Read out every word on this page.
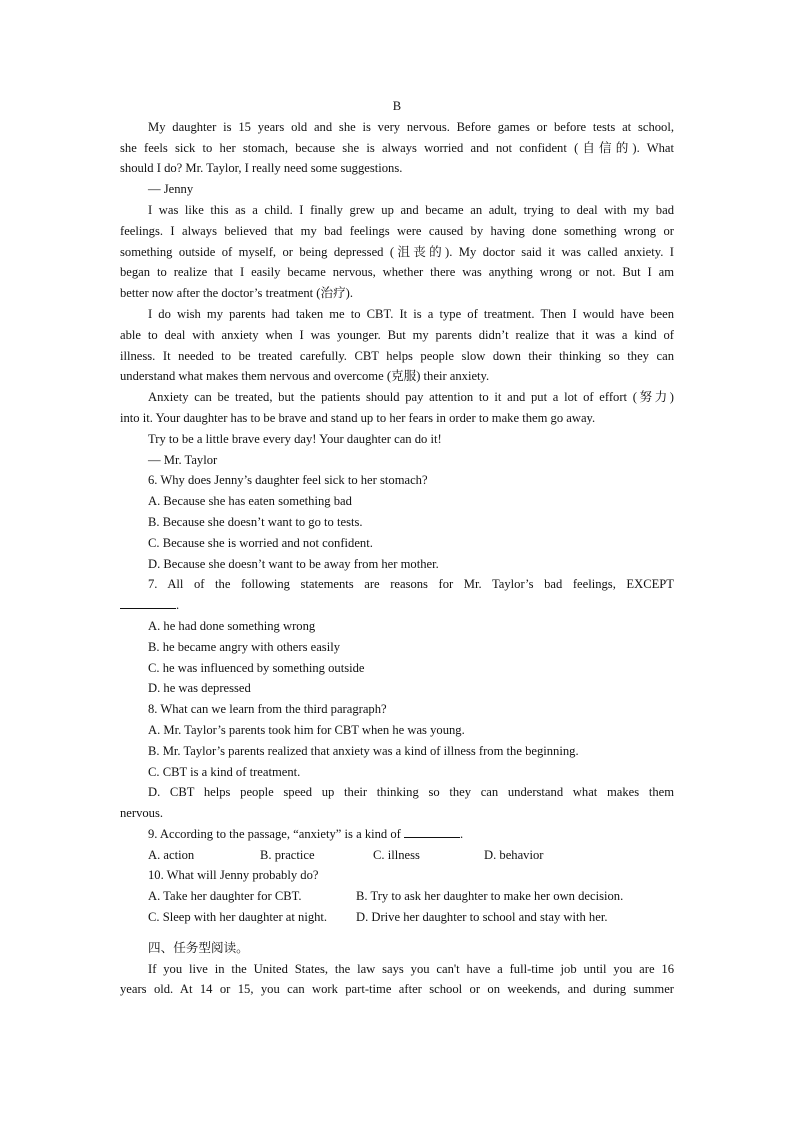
B
My daughter is 15 years old and she is very nervous. Before games or before tests at school,
she feels sick to her stomach, because she is always worried and not confident (自信的). What
should I do? Mr. Taylor, I really need some suggestions.
— Jenny
I was like this as a child. I finally grew up and became an adult, trying to deal with my bad
feelings. I always believed that my bad feelings were caused by having done something wrong or
something outside of myself, or being depressed (沮丧的). My doctor said it was called anxiety. I
began to realize that I easily became nervous, whether there was anything wrong or not. But I am
better now after the doctor’s treatment (治疗).
I do wish my parents had taken me to CBT. It is a type of treatment. Then I would have been
able to deal with anxiety when I was younger. But my parents didn’t realize that it was a kind of
illness. It needed to be treated carefully. CBT helps people slow down their thinking so they can
understand what makes them nervous and overcome (克服) their anxiety.
Anxiety can be treated, but the patients should pay attention to it and put a lot of effort (努力)
into it. Your daughter has to be brave and stand up to her fears in order to make them go away.
Try to be a little brave every day! Your daughter can do it!
— Mr. Taylor
6. Why does Jenny’s daughter feel sick to her stomach?
A. Because she has eaten something bad
B. Because she doesn’t want to go to tests.
C. Because she is worried and not confident.
D. Because she doesn’t want to be away from her mother.
7. All of the following statements are reasons for Mr. Taylor’s bad feelings, EXCEPT
.
A. he had done something wrong
B. he became angry with others easily
C. he was influenced by something outside
D. he was depressed
8. What can we learn from the third paragraph?
A. Mr. Taylor’s parents took him for CBT when he was young.
B. Mr. Taylor’s parents realized that anxiety was a kind of illness from the beginning.
C. CBT is a kind of treatment.
D. CBT helps people speed up their thinking so they can understand what makes them
nervous.
9. According to the passage, “anxiety” is a kind of	.
A. action	B. practice	C. illness	D. behavior
10. What will Jenny probably do?
A. Take her daughter for CBT.	B. Try to ask her daughter to make her own decision.
C. Sleep with her daughter at night.	D. Drive her daughter to school and stay with her.
四、任务型阅读。
If you live in the United States, the law says you can't have a full-time job until you are 16
years old. At 14 or 15, you can work part-time after school or on weekends, and during summer
